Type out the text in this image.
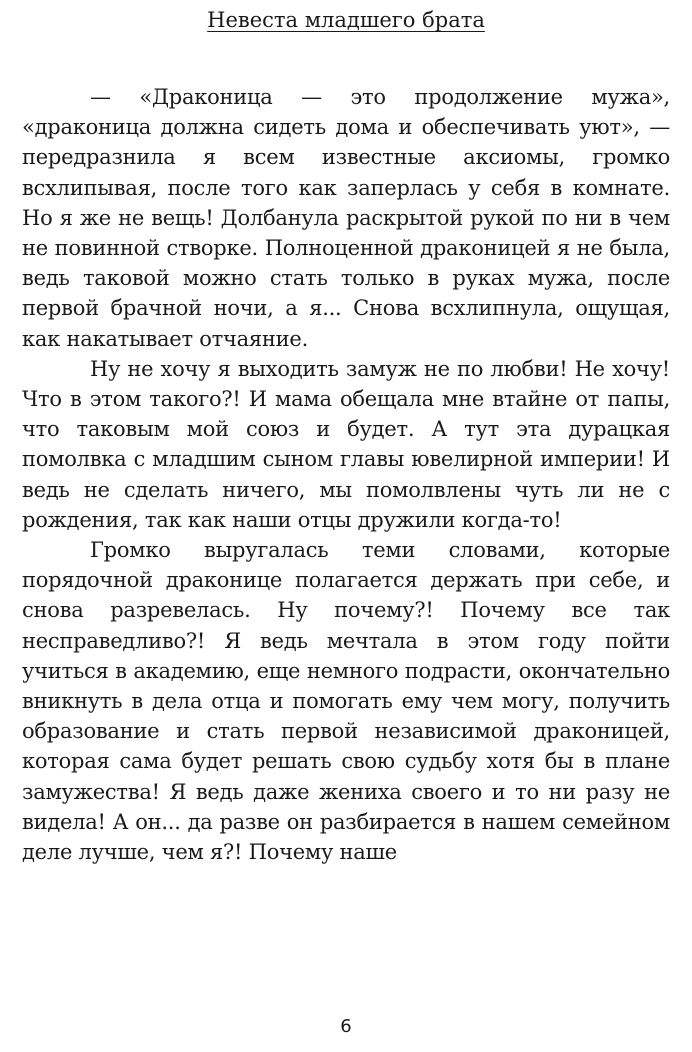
Невеста младшего брата

— «Драконица — это продолжение мужа», «драконица должна сидеть дома и обеспечивать уют», — передразнила я всем известные аксиомы, громко всхлипывая, после того как заперлась у себя в комнате. Но я же не вещь! Долбанула раскрытой рукой по ни в чем не повинной створке. Полноценной драконицей я не была, ведь таковой можно стать только в руках мужа, после первой брачной ночи, а я... Снова всхлипнула, ощущая, как накатывает отчаяние.

Ну не хочу я выходить замуж не по любви! Не хочу! Что в этом такого?! И мама обещала мне втайне от папы, что таковым мой союз и будет. А тут эта дурацкая помолвка с младшим сыном главы ювелирной империи! И ведь не сделать ничего, мы помолвлены чуть ли не с рождения, так как наши отцы дружили когда-то!

Громко выругалась теми словами, которые порядочной драконице полагается держать при себе, и снова разревелась. Ну почему?! Почему все так несправедливо?! Я ведь мечтала в этом году пойти учиться в академию, еще немного подрасти, окончательно вникнуть в дела отца и помогать ему чем могу, получить образование и стать первой независимой драконицей, которая сама будет решать свою судьбу хотя бы в плане замужества! Я ведь даже жениха своего и то ни разу не видела! А он... да разве он разбирается в нашем семейном деле лучше, чем я?! Почему наше

6
